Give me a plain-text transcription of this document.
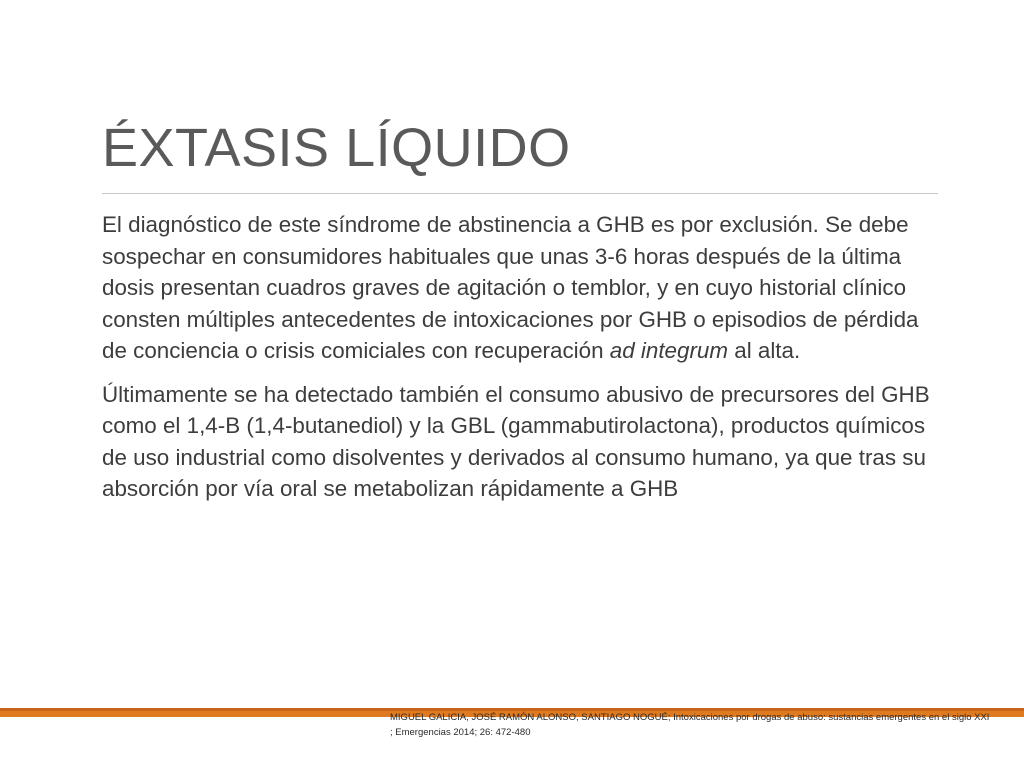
ÉXTASIS LÍQUIDO

El diagnóstico de este síndrome de abstinencia a GHB es por exclusión. Se debe sospechar en consumidores habituales que unas 3-6 horas después de la última dosis presentan cuadros graves de agitación o temblor, y en cuyo historial clínico consten múltiples antecedentes de intoxicaciones por GHB o episodios de pérdida de conciencia o crisis comiciales con recuperación ad integrum al alta.

Últimamente se ha detectado también el consumo abusivo de precursores del GHB como el 1,4-B (1,4-butanediol) y la GBL (gammabutirolactona), productos químicos de uso industrial como disolventes y derivados al consumo humano, ya que tras su absorción por vía oral se metabolizan rápidamente a GHB

MIGUEL GALICIA, JOSÉ RAMÓN ALONSO, SANTIAGO NOGUÉ; Intoxicaciones por drogas de abuso: sustancias emergentes en el siglo XXI
; Emergencias 2014; 26: 472-480
